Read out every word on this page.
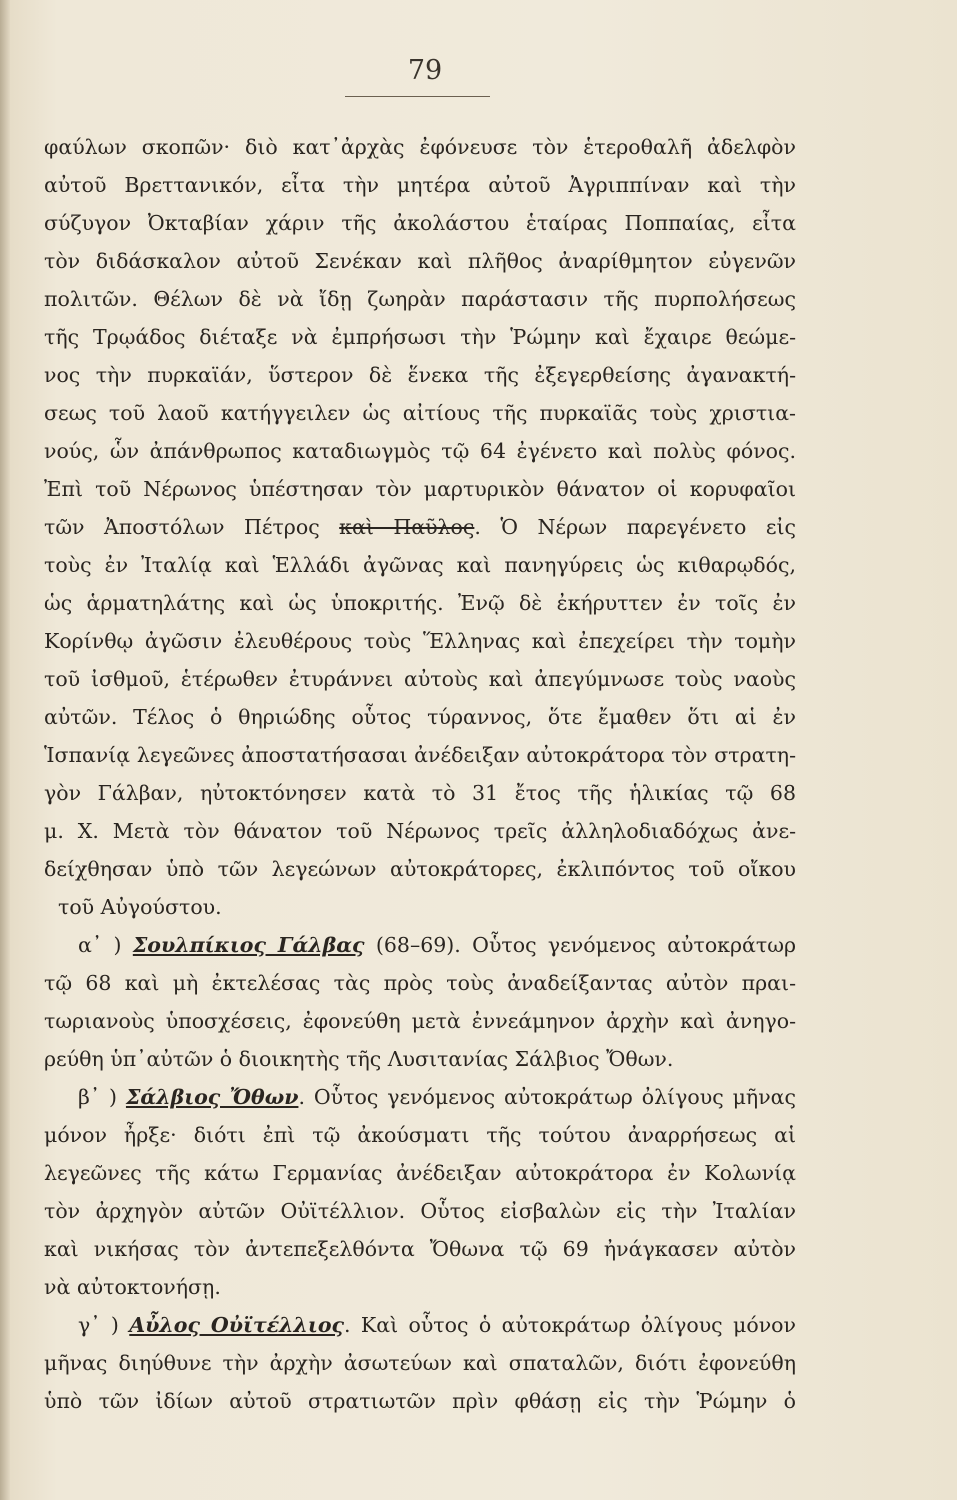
79
φαύλων σκοπῶν· διὸ κατ᾽ἀρχὰς ἐφόνευσε τὸν ἑτεροθαλῆ ἀδελφὸν
αὐτοῦ Βρεττανικόν, εἶτα τὴν μητέρα αὐτοῦ Ἀγριππίναν καὶ τὴν
σύζυγον Ὀκταβίαν χάριν τῆς ἀκολάστου ἑταίρας Ποππαίας, εἶτα
τὸν διδάσκαλον αὐτοῦ Σενέκαν καὶ πλῆθος ἀναρίθμητον εὐγενῶν
πολιτῶν. Θέλων δὲ νὰ ἴδῃ ζωηρὰν παράστασιν τῆς πυρπολήσεως
τῆς Τρῳάδος διέταξε νὰ ἐμπρήσωσι τὴν Ῥώμην καὶ ἔχαιρε θεώμε-
νος τὴν πυρκαϊάν, ὕστερον δὲ ἕνεκα τῆς ἐξεγερθείσης ἀγανακτή-
σεως τοῦ λαοῦ κατήγγειλεν ὡς αἰτίους τῆς πυρκαϊᾶς τοὺς χριστια-
νούς, ὧν ἀπάνθρωπος καταδιωγμὸς τῷ 64 ἐγένετο καὶ πολὺς φόνος.
Ἐπὶ τοῦ Νέρωνος ὑπέστησαν τὸν μαρτυρικὸν θάνατον οἱ κορυφαῖοι
τῶν Ἀποστόλων Πέτρος καὶ Παῦλος. Ὁ Νέρων παρεγένετο εἰς
τοὺς ἐν Ἰταλίᾳ καὶ Ἑλλάδι ἀγῶνας καὶ πανηγύρεις ὡς κιθαρῳδός,
ὡς ἁρματηλάτης καὶ ὡς ὑποκριτής. Ἐνῷ δὲ ἐκήρυττεν ἐν τοῖς ἐν
Κορίνθῳ ἀγῶσιν ἐλευθέρους τοὺς Ἕλληνας καὶ ἐπεχείρει τὴν τομὴν
τοῦ ἰσθμοῦ, ἑτέρωθεν ἐτυράννει αὐτοὺς καὶ ἀπεγύμνωσε τοὺς ναοὺς
αὐτῶν. Τέλος ὁ θηριώδης οὗτος τύραννος, ὅτε ἔμαθεν ὅτι αἱ ἐν
Ἱσπανίᾳ λεγεῶνες ἀποστατήσασαι ἀνέδειξαν αὐτοκράτορα τὸν στρατη-
γὸν Γάλβαν, ηὐτοκτόνησεν κατὰ τὸ 31 ἔτος τῆς ἡλικίας τῷ 68
μ. Χ. Μετὰ τὸν θάνατον τοῦ Νέρωνος τρεῖς ἀλληλοδιαδόχως ἀνε-
δείχθησαν ὑπὸ τῶν λεγεώνων αὐτοκράτορες, ἐκλιπόντος τοῦ οἴκου
τοῦ Αὐγούστου.
α᾽ ) Σουλπίκιος Γάλβας (68–69). Οὗτος γενόμενος αὐτοκράτωρ
τῷ 68 καὶ μὴ ἐκτελέσας τὰς πρὸς τοὺς ἀναδείξαντας αὐτὸν πραι-
τωριανοὺς ὑποσχέσεις, ἐφονεύθη μετὰ ἐννεάμηνον ἀρχὴν καὶ ἀνηγο-
ρεύθη ὑπ᾽αὐτῶν ὁ διοικητὴς τῆς Λυσιτανίας Σάλβιος Ὄθων.
β᾽ ) Σάλβιος Ὄθων. Οὗτος γενόμενος αὐτοκράτωρ ὀλίγους μῆνας
μόνον ἦρξε· διότι ἐπὶ τῷ ἀκούσματι τῆς τούτου ἀναρρήσεως αἱ
λεγεῶνες τῆς κάτω Γερμανίας ἀνέδειξαν αὐτοκράτορα ἐν Κολωνίᾳ
τὸν ἀρχηγὸν αὐτῶν Οὐϊτέλλιον. Οὗτος εἰσβαλὼν εἰς τὴν Ἰταλίαν
καὶ νικήσας τὸν ἀντεπεξελθόντα Ὄθωνα τῷ 69 ἠνάγκασεν αὐτὸν
νὰ αὐτοκτονήσῃ.
γ᾽ ) Αὖλος Οὐϊτέλλιος. Καὶ οὗτος ὁ αὐτοκράτωρ ὀλίγους μόνον
μῆνας διηύθυνε τὴν ἀρχὴν ἀσωτεύων καὶ σπαταλῶν, διότι ἐφονεύθη
ὑπὸ τῶν ἰδίων αὐτοῦ στρατιωτῶν πρὶν φθάσῃ εἰς τὴν Ῥώμην ὁ
